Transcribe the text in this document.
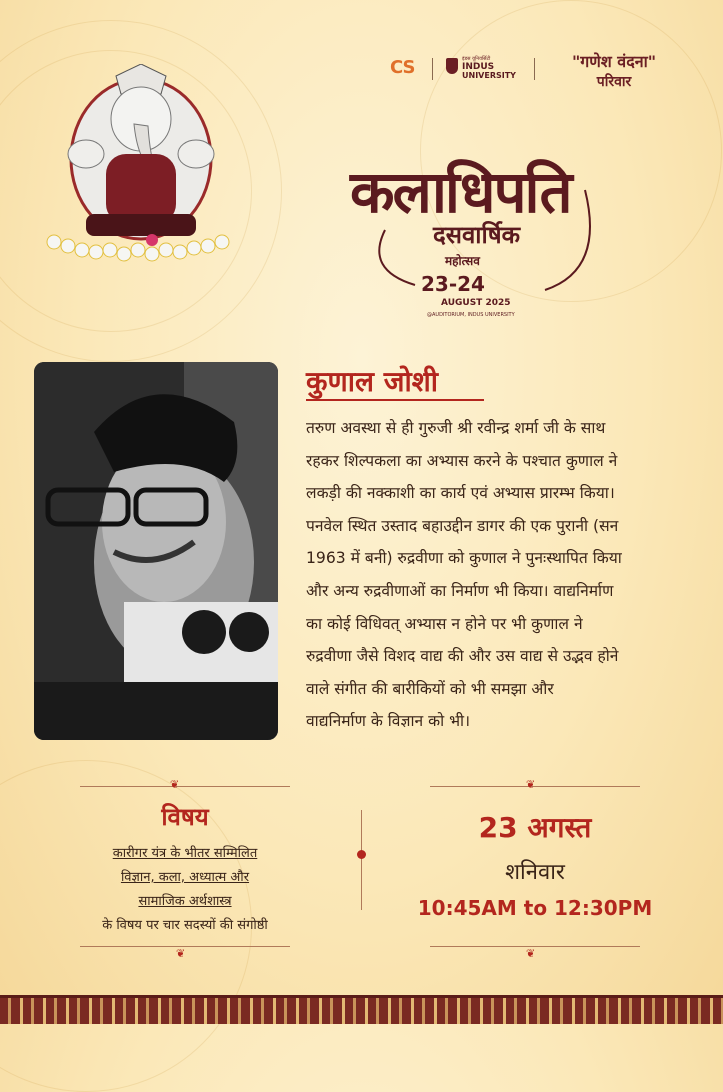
CS	इंडस यूनिवर्सिटी
INDUS
UNIVERSITY
"गणेश वंदना"
परिवार
कलाधिपति
दसवार्षिक
महोत्सव
23-24
AUGUST 2025
@AUDITORIUM, INDUS UNIVERSITY
कुणाल जोशी
तरुण अवस्था से ही गुरुजी श्री रवीन्द्र शर्मा जी के साथ
रहकर शिल्पकला का अभ्यास करने के पश्चात कुणाल ने
लकड़ी की नक्काशी का कार्य एवं अभ्यास प्रारम्भ किया।
पनवेल स्थित उस्ताद बहाउद्दीन डागर की एक पुरानी (सन
1963 में बनी) रुद्रवीणा को कुणाल ने पुनःस्थापित किया
और अन्य रुद्रवीणाओं का निर्माण भी किया। वाद्यनिर्माण
का कोई विधिवत् अभ्यास न होने पर भी कुणाल ने
रुद्रवीणा जैसे विशद वाद्य की और उस वाद्य से उद्भव होने
वाले संगीत की बारीकियों को भी समझा और
वाद्यनिर्माण के विज्ञान को भी।
❦	❦
❦	❦
विषय
कारीगर यंत्र के भीतर सम्मिलित
विज्ञान, कला, अध्यात्म और
सामाजिक अर्थशास्त्र
के विषय पर चार सदस्यों की संगोष्ठी
23 अगस्त
शनिवार
10:45AM to 12:30PM
